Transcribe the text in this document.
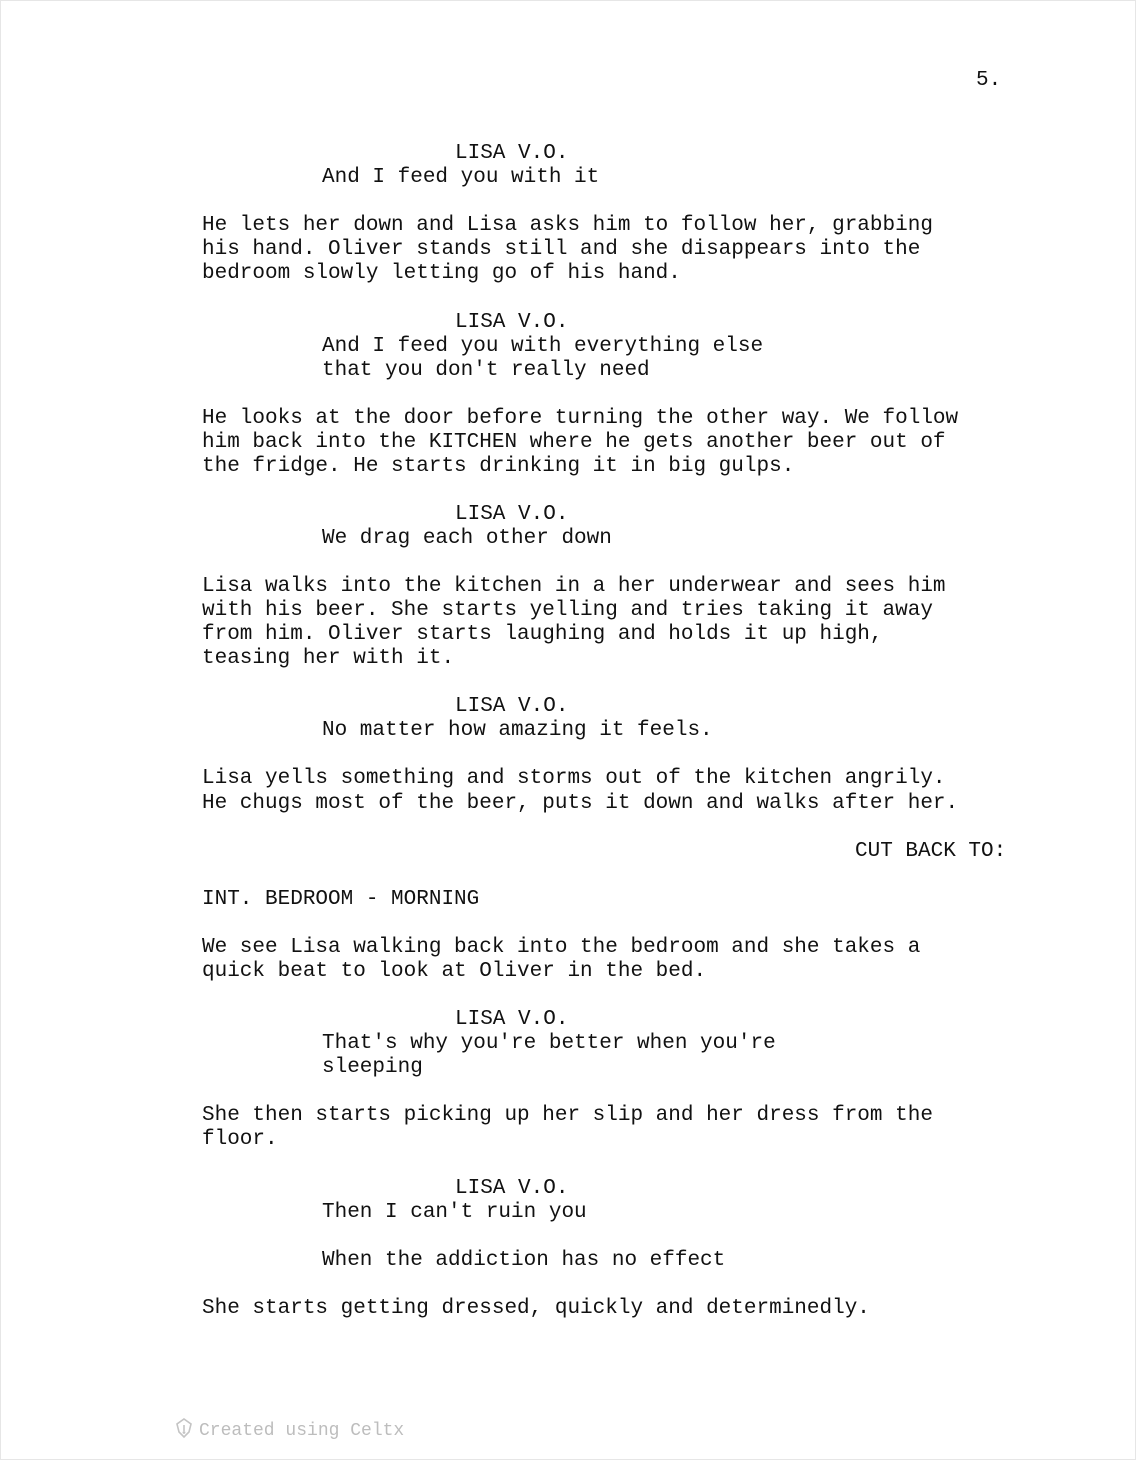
5.
LISA V.O.
And I feed you with it
He lets her down and Lisa asks him to follow her, grabbing
his hand. Oliver stands still and she disappears into the
bedroom slowly letting go of his hand.
LISA V.O.
And I feed you with everything else
that you don't really need
He looks at the door before turning the other way. We follow
him back into the KITCHEN where he gets another beer out of
the fridge. He starts drinking it in big gulps.
LISA V.O.
We drag each other down
Lisa walks into the kitchen in a her underwear and sees him
with his beer. She starts yelling and tries taking it away
from him. Oliver starts laughing and holds it up high,
teasing her with it.
LISA V.O.
No matter how amazing it feels.
Lisa yells something and storms out of the kitchen angrily.
He chugs most of the beer, puts it down and walks after her.
CUT BACK TO:
INT. BEDROOM - MORNING
We see Lisa walking back into the bedroom and she takes a
quick beat to look at Oliver in the bed.
LISA V.O.
That's why you're better when you're
sleeping
She then starts picking up her slip and her dress from the
floor.
LISA V.O.
Then I can't ruin you
When the addiction has no effect
She starts getting dressed, quickly and determinedly.
Created using Celtx
